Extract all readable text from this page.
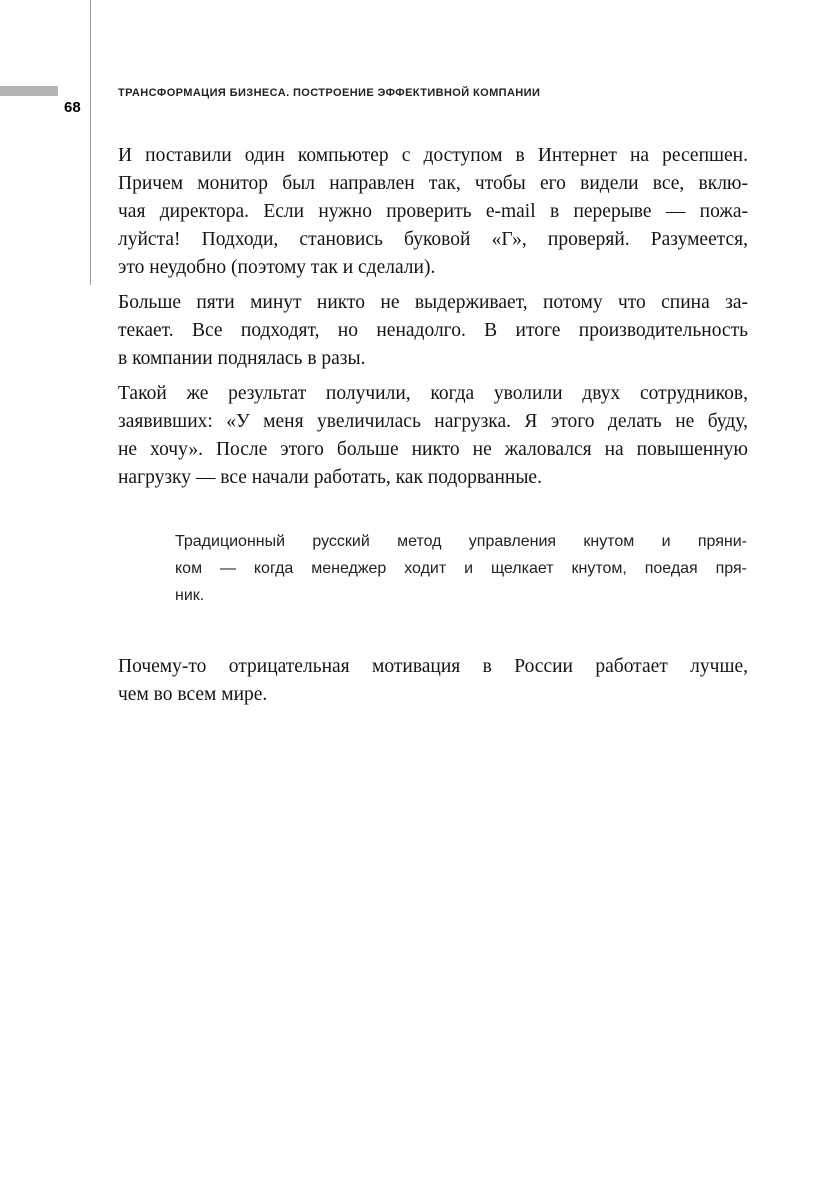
68
ТРАНСФОРМАЦИЯ БИЗНЕСА. ПОСТРОЕНИЕ ЭФФЕКТИВНОЙ КОМПАНИИ
И поставили один компьютер с доступом в Интернет на ресепшен.
Причем монитор был направлен так, чтобы его видели все, вклю-
чая директора. Если нужно проверить e-mail в перерыве — пожа-
луйста! Подходи, становись буковой «Г», проверяй. Разумеется,
это неудобно (поэтому так и сделали).
Больше пяти минут никто не выдерживает, потому что спина за-
текает. Все подходят, но ненадолго. В итоге производительность
в компании поднялась в разы.
Такой же результат получили, когда уволили двух сотрудников,
заявивших: «У меня увеличилась нагрузка. Я этого делать не буду,
не хочу». После этого больше никто не жаловался на повышенную
нагрузку — все начали работать, как подорванные.
Традиционный русский метод управления кнутом и пряни-
ком — когда менеджер ходит и щелкает кнутом, поедая пря-
ник.
Почему-то отрицательная мотивация в России работает лучше,
чем во всем мире.
